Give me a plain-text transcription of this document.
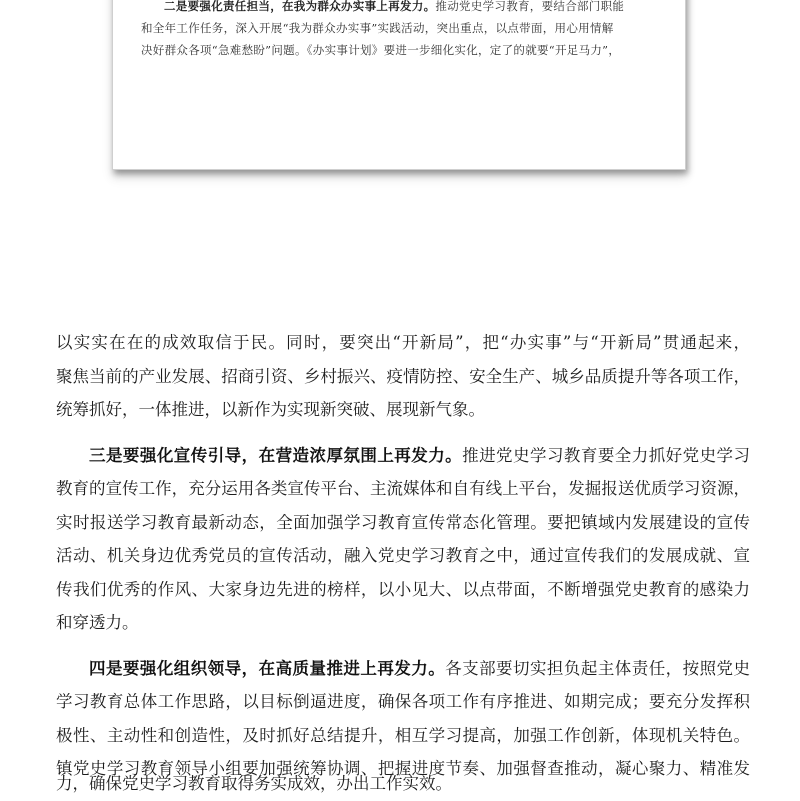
二是要强化责任担当，在我为群众办实事上再发力。推动党史学习教育，要结合部门职能
和全年工作任务，深入开展“我为群众办实事”实践活动，突出重点，以点带面，用心用情解
决好群众各项“急难愁盼”问题。《办实事计划》要进一步细化实化，定了的就要“开足马力”，
以实实在在的成效取信于民。同时，要突出“开新局”，把“办实事”与“开新局”贯通起来，
聚焦当前的产业发展、招商引资、乡村振兴、疫情防控、安全生产、城乡品质提升等各项工作，
统筹抓好，一体推进，以新作为实现新突破、展现新气象。
三是要强化宣传引导，在营造浓厚氛围上再发力。推进党史学习教育要全力抓好党史学习
教育的宣传工作，充分运用各类宣传平台、主流媒体和自有线上平台，发掘报送优质学习资源，
实时报送学习教育最新动态，全面加强学习教育宣传常态化管理。要把镇域内发展建设的宣传
活动、机关身边优秀党员的宣传活动，融入党史学习教育之中，通过宣传我们的发展成就、宣
传我们优秀的作风、大家身边先进的榜样，以小见大、以点带面，不断增强党史教育的感染力
和穿透力。
四是要强化组织领导，在高质量推进上再发力。各支部要切实担负起主体责任，按照党史
学习教育总体工作思路，以目标倒逼进度，确保各项工作有序推进、如期完成；要充分发挥积
极性、主动性和创造性，及时抓好总结提升，相互学习提高，加强工作创新，体现机关特色。
镇党史学习教育领导小组要加强统筹协调、把握进度节奏、加强督查推动，凝心聚力、精准发
力，确保党史学习教育取得务实成效，办出工作实效。
